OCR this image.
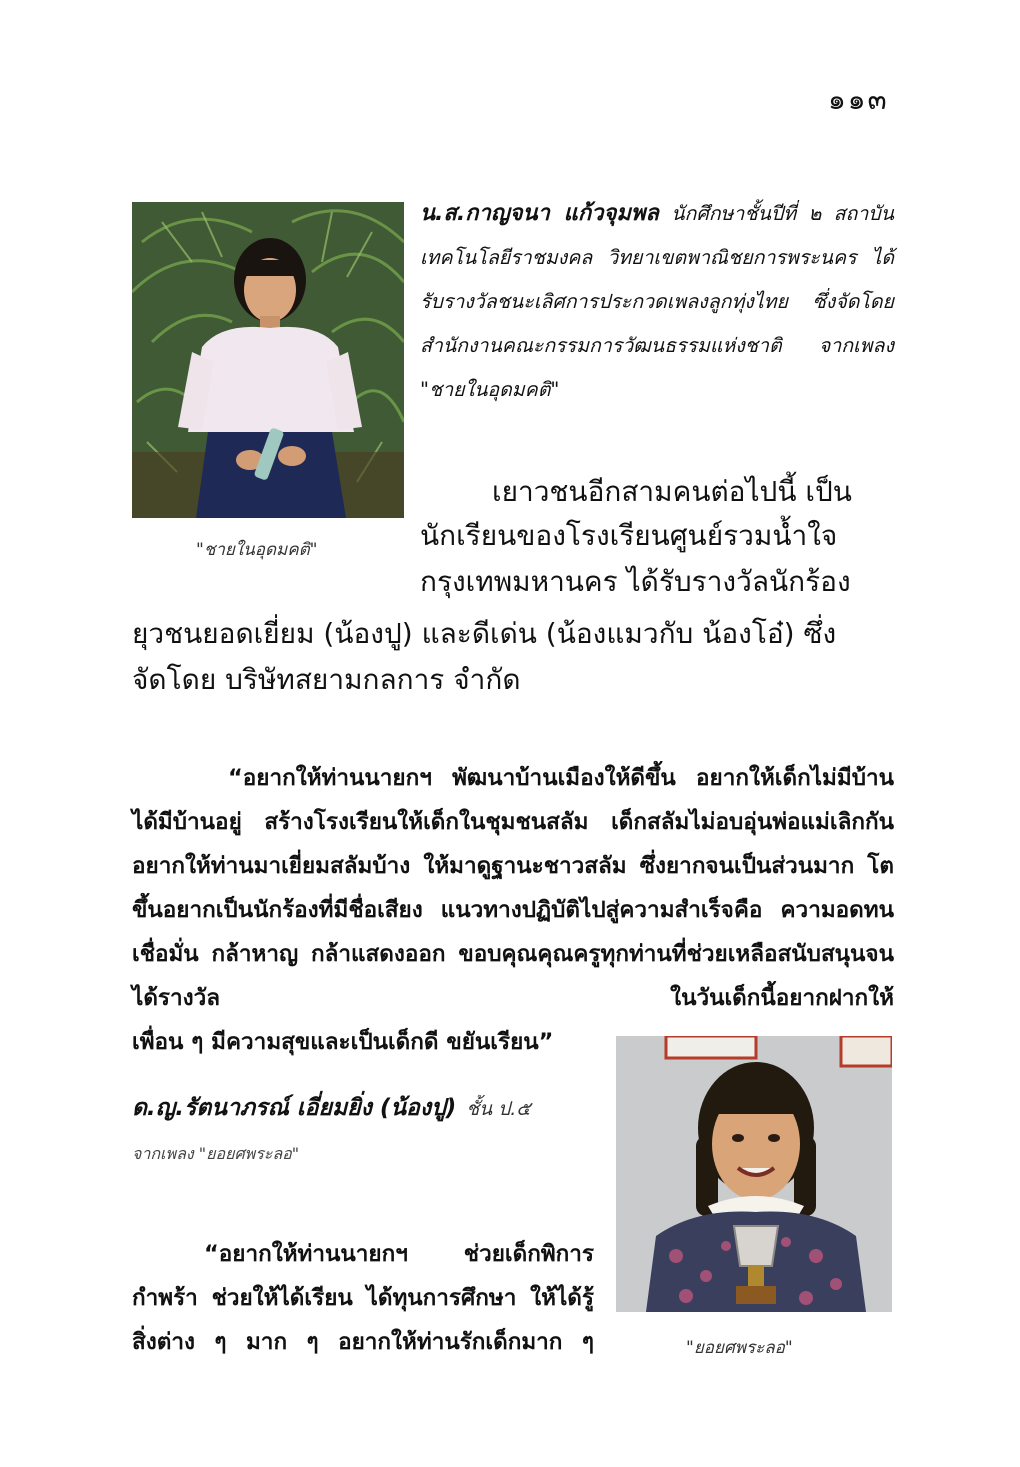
๑๑๓
"ชายในอุดมคติ"
น.ส.กาญจนา แก้วจุมพล นักศึกษาชั้นปีที่ ๒ สถาบันเทคโนโลยีราชมงคล วิทยาเขตพาณิชยการพระนคร ได้รับรางวัลชนะเลิศการประกวดเพลงลูกทุ่งไทย ซึ่งจัดโดยสำนักงานคณะกรรมการวัฒนธรรมแห่งชาติ จากเพลง "ชายในอุดมคติ"
เยาวชนอีกสามคนต่อไปนี้ เป็น
นักเรียนของโรงเรียนศูนย์รวมน้ำใจ
กรุงเทพมหานคร ได้รับรางวัลนักร้อง
ยุวชนยอดเยี่ยม (น้องปู) และดีเด่น (น้องแมวกับ น้องโอ๋) ซึ่ง
จัดโดย บริษัทสยามกลการ จำกัด
“อยากให้ท่านนายกฯ พัฒนาบ้านเมืองให้ดีขึ้น อยากให้เด็กไม่มีบ้านได้มีบ้านอยู่ สร้างโรงเรียนให้เด็กในชุมชนสลัม เด็กสลัมไม่อบอุ่นพ่อแม่เลิกกัน อยากให้ท่านมาเยี่ยมสลัมบ้าง ให้มาดูฐานะชาวสลัม ซึ่งยากจนเป็นส่วนมาก โตขึ้นอยากเป็นนักร้องที่มีชื่อเสียง แนวทางปฏิบัติไปสู่ความสำเร็จคือ ความอดทน เชื่อมั่น กล้าหาญ กล้าแสดงออก ขอบคุณคุณครูทุกท่านที่ช่วยเหลือสนับสนุนจนได้รางวัล ในวันเด็กนี้อยากฝากให้
เพื่อน ๆ มีความสุขและเป็นเด็กดี ขยันเรียน”
ด.ญ.รัตนาภรณ์ เอี่ยมยิ่ง (น้องปู) ชั้น ป.๕
จากเพลง "ยอยศพระลอ"
"ยอยศพระลอ"
“อยากให้ท่านนายกฯ ช่วยเด็กพิการกำพร้า ช่วยให้ได้เรียน ได้ทุนการศึกษา ให้ได้รู้สิ่งต่าง ๆ มาก ๆ อยากให้ท่านรักเด็กมาก ๆ
